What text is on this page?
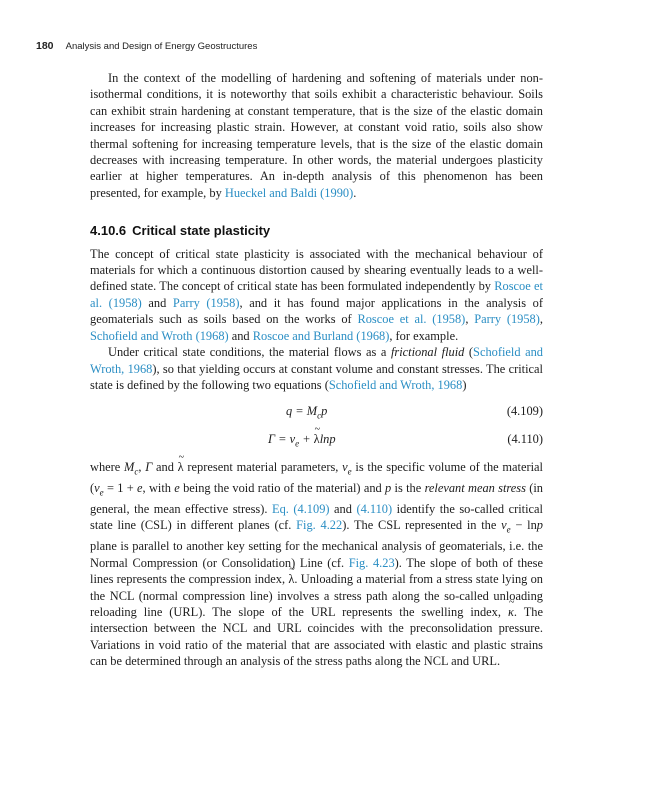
180 Analysis and Design of Energy Geostructures

In the context of the modelling of hardening and softening of materials under non-isothermal conditions, it is noteworthy that soils exhibit a characteristic behaviour. Soils can exhibit strain hardening at constant temperature, that is the size of the elastic domain increases for increasing plastic strain. However, at constant void ratio, soils also show thermal softening for increasing temperature levels, that is the size of the elastic domain decreases with increasing temperature. In other words, the material undergoes plasticity earlier at higher temperatures. An in-depth analysis of this phenomenon has been presented, for example, by Hueckel and Baldi (1990).

4.10.6 Critical state plasticity

The concept of critical state plasticity is associated with the mechanical behaviour of materials for which a continuous distortion caused by shearing eventually leads to a well-defined state. The concept of critical state has been formulated independently by Roscoe et al. (1958) and Parry (1958), and it has found major applications in the analysis of geomaterials such as soils based on the works of Roscoe et al. (1958), Parry (1958), Schofield and Wroth (1968) and Roscoe and Burland (1968), for example.

Under critical state conditions, the material flows as a frictional fluid (Schofield and Wroth, 1968), so that yielding occurs at constant volume and constant stresses. The critical state is defined by the following two equations (Schofield and Wroth, 1968)

$q = M_cp$	(4.109)
$\Gamma = v_e$ + ~ λlnp	(4.110)

where $M_c$, Γ and ~ λ represent material parameters, $v_e$ is the specific volume of the material ($v_e = 1 + e$, with e being the void ratio of the material) and p is the relevant mean stress (in general, the mean effective stress). Eq. (4.109) and (4.110) identify the so-called critical state line (CSL) in different planes (cf. Fig. 4.22). The CSL represented in the $v_e - \ln p$ plane is parallel to another key setting for the mechanical analysis of geomaterials, i.e. the Normal Compression (or Consolidation) Line (cf. Fig. 4.23). The slope of both of these lines represents the compression index, ~ λ. Unloading a material from a stress state lying on the NCL (normal compression line) involves a stress path along the so-called unloading reloading line (URL). The slope of the URL represents the swelling index, ~ κ. The intersection between the NCL and URL coincides with the preconsolidation pressure. Variations in void ratio of the material that are associated with elastic and plastic strains can be determined through an analysis of the stress paths along the NCL and URL.
